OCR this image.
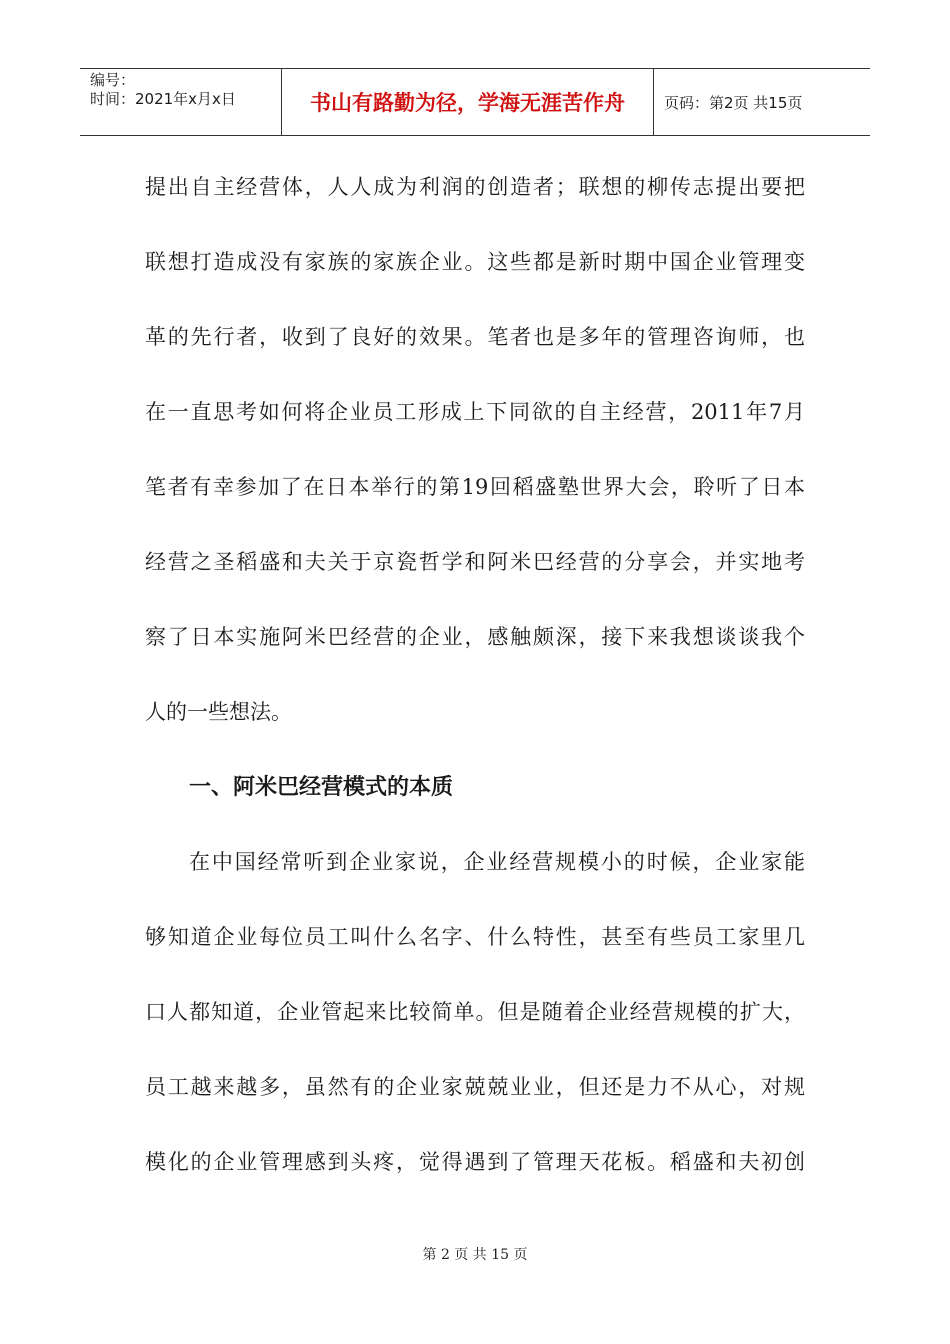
编号：
时间：2021年x月x日	书山有路勤为径，学海无涯苦作舟	页码：第2页 共15页
提出自主经营体，人人成为利润的创造者；联想的柳传志提出要把
联想打造成没有家族的家族企业。这些都是新时期中国企业管理变
革的先行者，收到了良好的效果。笔者也是多年的管理咨询师，也
在一直思考如何将企业员工形成上下同欲的自主经营，2011年7月
笔者有幸参加了在日本举行的第19回稻盛塾世界大会，聆听了日本
经营之圣稻盛和夫关于京瓷哲学和阿米巴经营的分享会，并实地考
察了日本实施阿米巴经营的企业，感触颇深，接下来我想谈谈我个
人的一些想法。
一、阿米巴经营模式的本质
在中国经常听到企业家说，企业经营规模小的时候，企业家能
够知道企业每位员工叫什么名字、什么特性，甚至有些员工家里几
口人都知道，企业管起来比较简单。但是随着企业经营规模的扩大，
员工越来越多，虽然有的企业家兢兢业业，但还是力不从心，对规
模化的企业管理感到头疼，觉得遇到了管理天花板。稻盛和夫初创
第 2 页 共 15 页
